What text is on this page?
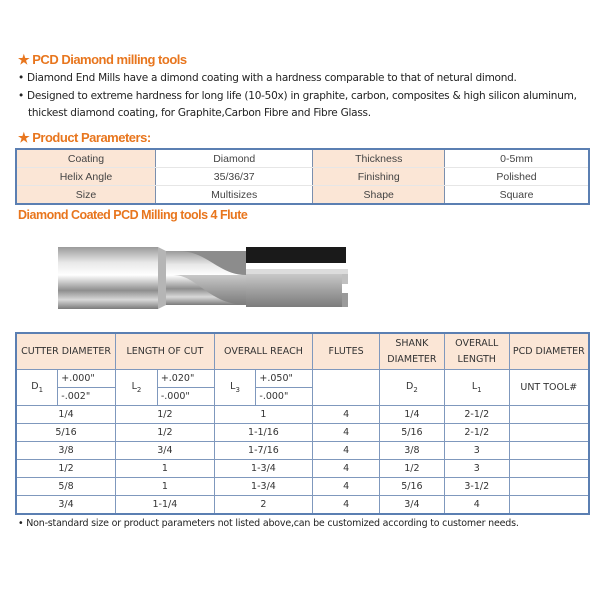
★ PCD Diamond milling tools
• Diamond End Mills have a dimond coating with a hardness comparable to that of netural dimond.
• Designed to extreme hardness for long life (10-50x) in graphite, carbon, composites & high silicon aluminum,
thickest diamond coating, for Graphite,Carbon Fibre and Fibre Glass.
★ Product Parameters:
Coating	Diamond	Thickness	0-5mm
Helix Angle	35/36/37	Finishing	Polished
Size	Multisizes	Shape	Square
Diamond Coated PCD Milling tools 4 Flute
CUTTER DIAMETER		LENGTH OF CUT		OVERALL REACH		FLUTES	SHANK
DIAMETER	OVERALL
LENGTH	PCD DIAMETER
$D_1$	+.000"	$L_2$	+.020"	$L_3$	+.050"		$D_2$	$L_1$	UNT TOOL#
	-.002"		-.000"		-.000"				
1/4		1/2		1		4	1/4	2-1/2	
5/16		1/2		1-1/16		4	5/16	2-1/2	
3/8		3/4		1-7/16		4	3/8	3	
1/2		1		1-3/4		4	1/2	3	
5/8		1		1-3/4		4	5/16	3-1/2	
3/4		1-1/4		2		4	3/4	4	
• Non-standard size or product parameters not listed above,can be customized according to customer needs.
